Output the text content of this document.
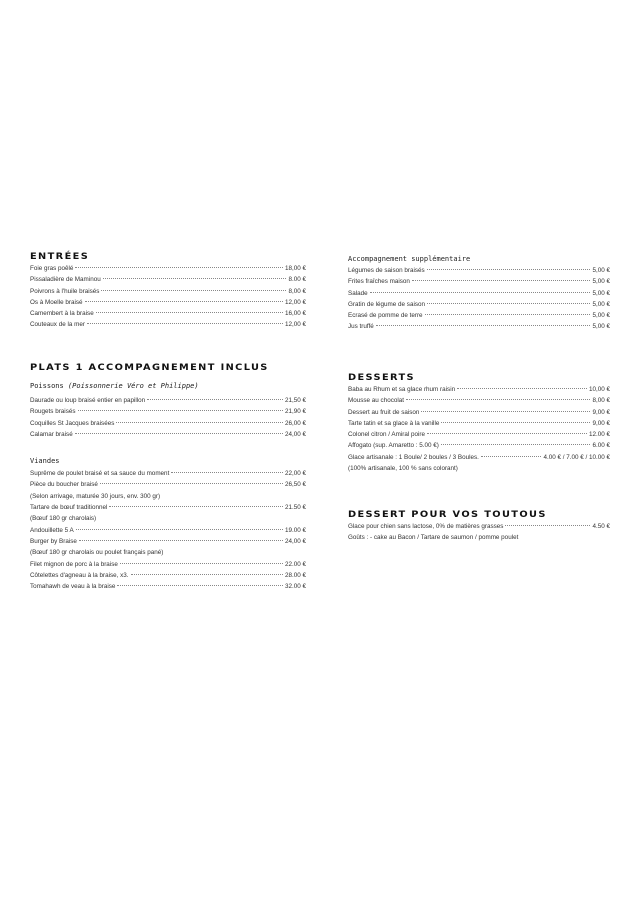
ENTRÉES
Foie gras poêlé	18,00 €
Pissaladière de Maminou	8.00 €
Poivrons à l'huile braisés	8,00 €
Os à Moelle braisé	12,00 €
Camembert à la braise	16,00 €
Couteaux de la mer	12,00 €
PLATS 1 ACCOMPAGNEMENT INCLUS
Poissons (Poissonnerie Véro et Philippe)
Daurade ou loup braisé entier en papillon	21,50 €
Rougets braisés	21,90 €
Coquilles St Jacques braisées	26,00 €
Calamar braisé	24,00 €
Viandes
Suprême de poulet braisé et sa sauce du moment	22,00 €
Pièce du boucher braisé	26,50 €
(Selon arrivage, maturée 30 jours, env. 300 gr)
Tartare de bœuf traditionnel	21.50 €
(Bœuf 180 gr charolais)
Andouillette 5 A	19.00 €
Burger by Braise	24,00 €
(Bœuf 180 gr charolais ou poulet français pané)
Filet mignon de porc à la braise	22.00 €
Côtelettes d'agneau à la braise, x3.	28.00 €
Tomahawh de veau à la braise	32.00 €
Accompagnement supplémentaire
Légumes de saison braisés	5,00 €
Frites fraîches maison	5,00 €
Salade	5,00 €
Gratin de légume de saison	5,00 €
Ecrasé de pomme de terre	5,00 €
Jus truffé	5,00 €
DESSERTS
Baba au Rhum et sa glace rhum raisin	10,00 €
Mousse au chocolat	8,00 €
Dessert au fruit de saison	9,00 €
Tarte tatin et sa glace à la vanille	9,00 €
Colonel citron / Amiral poire	12.00 €
Affogato (sup. Amaretto : 5.00 €)	6.00 €
Glace artisanale : 1 Boule/ 2 boules / 3 Boules.	4.00 € / 7.00 € / 10.00 €
(100% artisanale, 100 % sans colorant)
DESSERT POUR VOS TOUTOUS
Glace pour chien sans lactose, 0% de matières grasses	4.50 €
Goûts : - cake au Bacon / Tartare de saumon / pomme poulet
